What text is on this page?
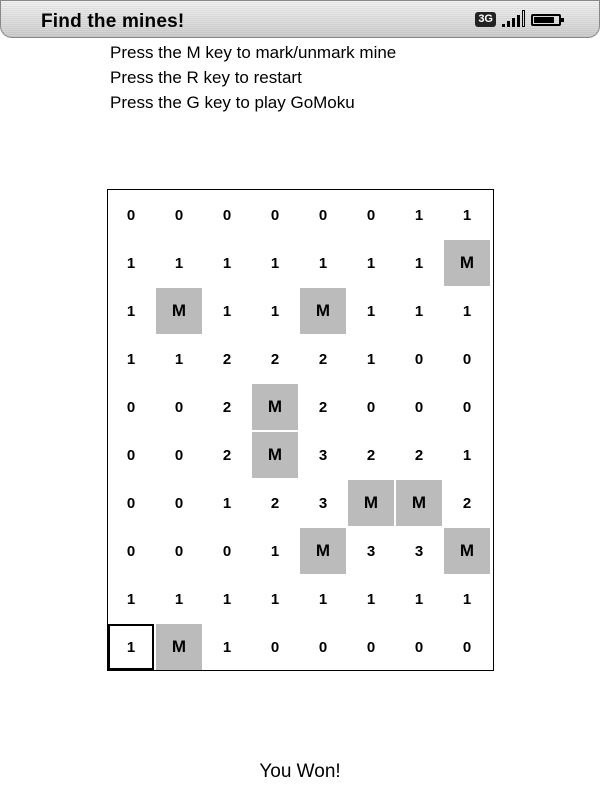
Find the mines!	3G
Press the M key to mark/unmark mine
Press the R key to restart
Press the G key to play GoMoku
0	0	0	0	0	0	1	1
1	1	1	1	1	1	1	M
1	M	1	1	M	1	1	1
1	1	2	2	2	1	0	0
0	0	2	M	2	0	0	0
0	0	2	M	3	2	2	1
0	0	1	2	3	M	M	2
0	0	0	1	M	3	3	M
1	1	1	1	1	1	1	1
1	M	1	0	0	0	0	0
You Won!
